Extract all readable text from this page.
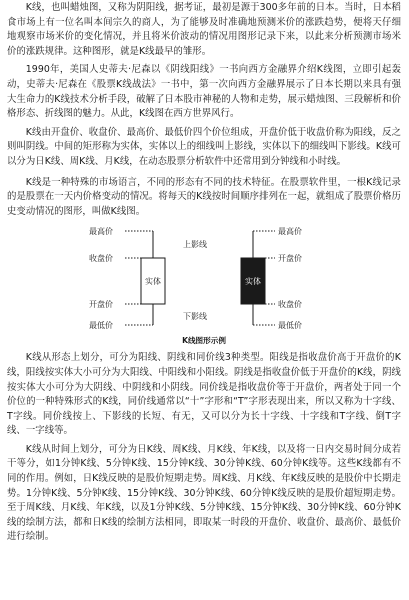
K线，也叫蜡烛图，又称为阴阳线，据考证，最初是源于300多年前的日本。当时，日本稻食市场上有一位名叫本间宗久的商人，为了能够及时准确地预测米价的涨跌趋势，便将天仔细地观察市场米价的变化情况，并且将米价波动的情况用图形记录下来，以此来分析预测市场米价的涨跌规律。这种图形，就是K线最早的雏形。

1990年，美国人史蒂夫·尼森以《阴线阳线》一书向西方金融界介绍K线图，立即引起轰动，史蒂夫·尼森在《股票K线战法》一书中，第一次向西方金融界展示了日本长期以来具有强大生命力的K线技术分析手段，破解了日本股市神秘的人物和走势，展示蜡烛图、三段解析和价格形态、折线图的魅力。从此，K线图在西方世界风行。

K线由开盘价、收盘价、最高价、最低价四个价位组成，开盘价低于收盘价称为阳线，反之则叫阴线。中间的矩形称为实体，实体以上的细线叫上影线，实体以下的细线叫下影线。K线可以分为日K线、周K线、月K线，在动态股票分析软件中还常用到分钟线和小时线。

K线是一种特殊的市场语言，不同的形态有不同的技术特征。在股票软件里，一根K线记录的是股票在一天内价格变动的情况。将每天的K线按时间顺序排列在一起，就组成了股票价格历史变动情况的图形，叫做K线图。

最高价
收盘价
实体
开盘价
最低价
上影线
下影线
最高价
开盘价
实体
收盘价
最低价
K线图形示例

K线从形态上划分，可分为阳线、阴线和同价线3种类型。阳线是指收盘价高于开盘价的K线，阳线按实体大小可分为大阳线、中阳线和小阳线。阴线是指收盘价低于开盘价的K线，阴线按实体大小可分为大阴线、中阴线和小阴线。同价线是指收盘价等于开盘价，两者处于同一个价位的一种特殊形式的K线，同价线通常以“十”字形和“T”字形表现出来，所以又称为十字线、T字线。同价线按上、下影线的长短、有无，又可以分为长十字线、十字线和T字线、倒T字线、一字线等。

K线从时间上划分，可分为日K线、周K线、月K线、年K线，以及将一日内交易时间分成若干等分，如1分钟K线、5分钟K线、15分钟K线、30分钟K线、60分钟K线等。这些K线都有不同的作用。例如，日K线反映的是股价短期走势。周K线、月K线、年K线反映的是股价中长期走势。1分钟K线、5分钟K线、15分钟K线、30分钟K线、60分钟K线反映的是股价超短期走势。至于周K线、月K线、年K线，以及1分钟K线、5分钟K线、15分钟K线、30分钟K线、60分钟K线的绘制方法，都和日K线的绘制方法相同，即取某一时段的开盘价、收盘价、最高价、最低价进行绘制。
